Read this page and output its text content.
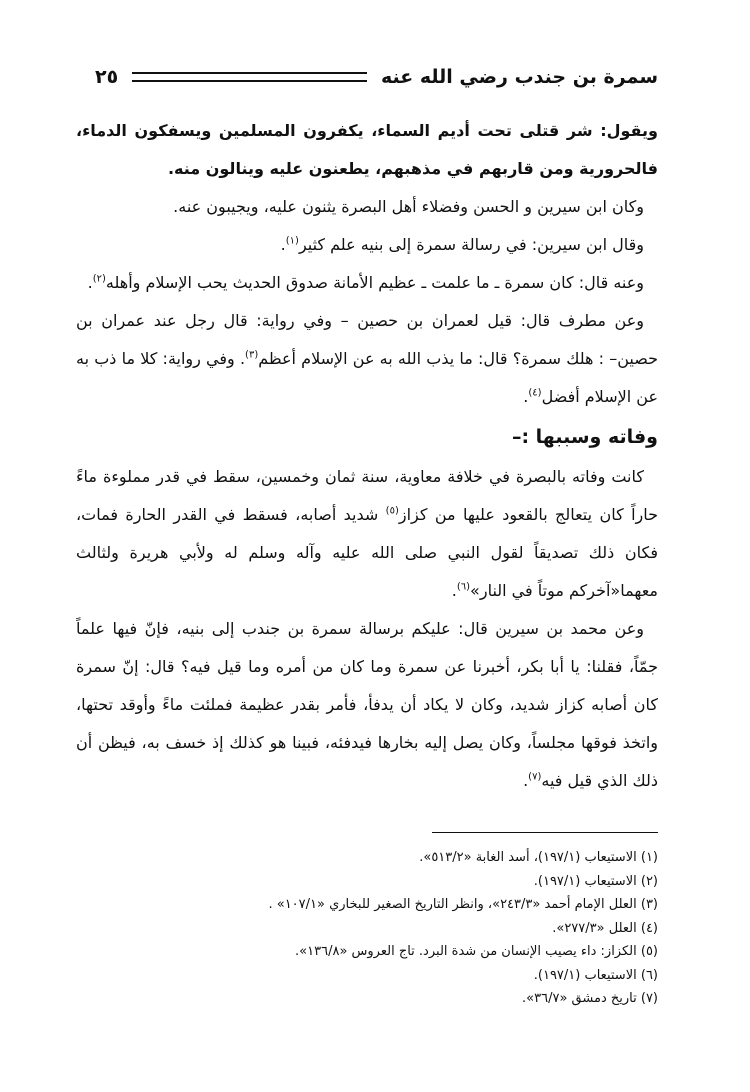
سمرة بن جندب رضي الله عنه
٢٥

ويقول: شر قتلى تحت أديم السماء، يكفرون المسلمين ويسفكون الدماء، فالحرورية ومن قاربهم في مذهبهم، يطعنون عليه وينالون منه.

وكان ابن سيرين و الحسن وفضلاء أهل البصرة يثنون عليه، ويجيبون عنه.

وقال ابن سيرين: في رسالة سمرة إلى بنيه علم كثير$^{(١)}$.

وعنه قال: كان سمرة ـ ما علمت ـ عظيم الأمانة صدوق الحديث يحب الإسلام وأهله$^{(٢)}$.

وعن مطرف قال: قيل لعمران بن حصين – وفي رواية: قال رجل عند عمران بن حصين– : هلك سمرة؟ قال: ما يذب الله به عن الإسلام أعظم$^{(٣)}$. وفي رواية: كلا ما ذب به عن الإسلام أفضل$^{(٤)}$.

وفاته وسببها :–

كانت وفاته بالبصرة في خلافة معاوية، سنة ثمان وخمسين، سقط في قدر مملوءة ماءً حاراً كان يتعالج بالقعود عليها من كزاز$^{(٥)}$ شديد أصابه، فسقط في القدر الحارة فمات، فكان ذلك تصديقاً لقول النبي صلى الله عليه وآله وسلم له ولأبي هريرة ولثالث معهما«آخركم موتاً في النار»$^{(٦)}$.

وعن محمد بن سيرين قال: عليكم برسالة سمرة بن جندب إلى بنيه، فإنّ فيها علماً جمّاً، فقلنا: يا أبا بكر، أخبرنا عن سمرة وما كان من أمره وما قيل فيه؟ قال: إنّ سمرة كان أصابه كزاز شديد، وكان لا يكاد أن يدفأ، فأمر بقدر عظيمة فملئت ماءً وأوقد تحتها، واتخذ فوقها مجلساً، وكان يصل إليه بخارها فيدفئه، فبينا هو كذلك إذ خسف به، فيظن أن ذلك الذي قيل فيه$^{(٧)}$.

(١) الاستيعاب (١٩٧/١)، أسد الغابة «٥١٣/٢».
(٢) الاستيعاب (١٩٧/١).
(٣) العلل الإمام أحمد «٢٤٣/٣»، وانظر التاريخ الصغير للبخاري «١٠٧/١» .
(٤) العلل «٢٧٧/٣».
(٥) الكزاز: داء يصيب الإنسان من شدة البرد. تاج العروس «١٣٦/٨».
(٦) الاستيعاب (١٩٧/١).
(٧) تاريخ دمشق «٣٦/٧».
